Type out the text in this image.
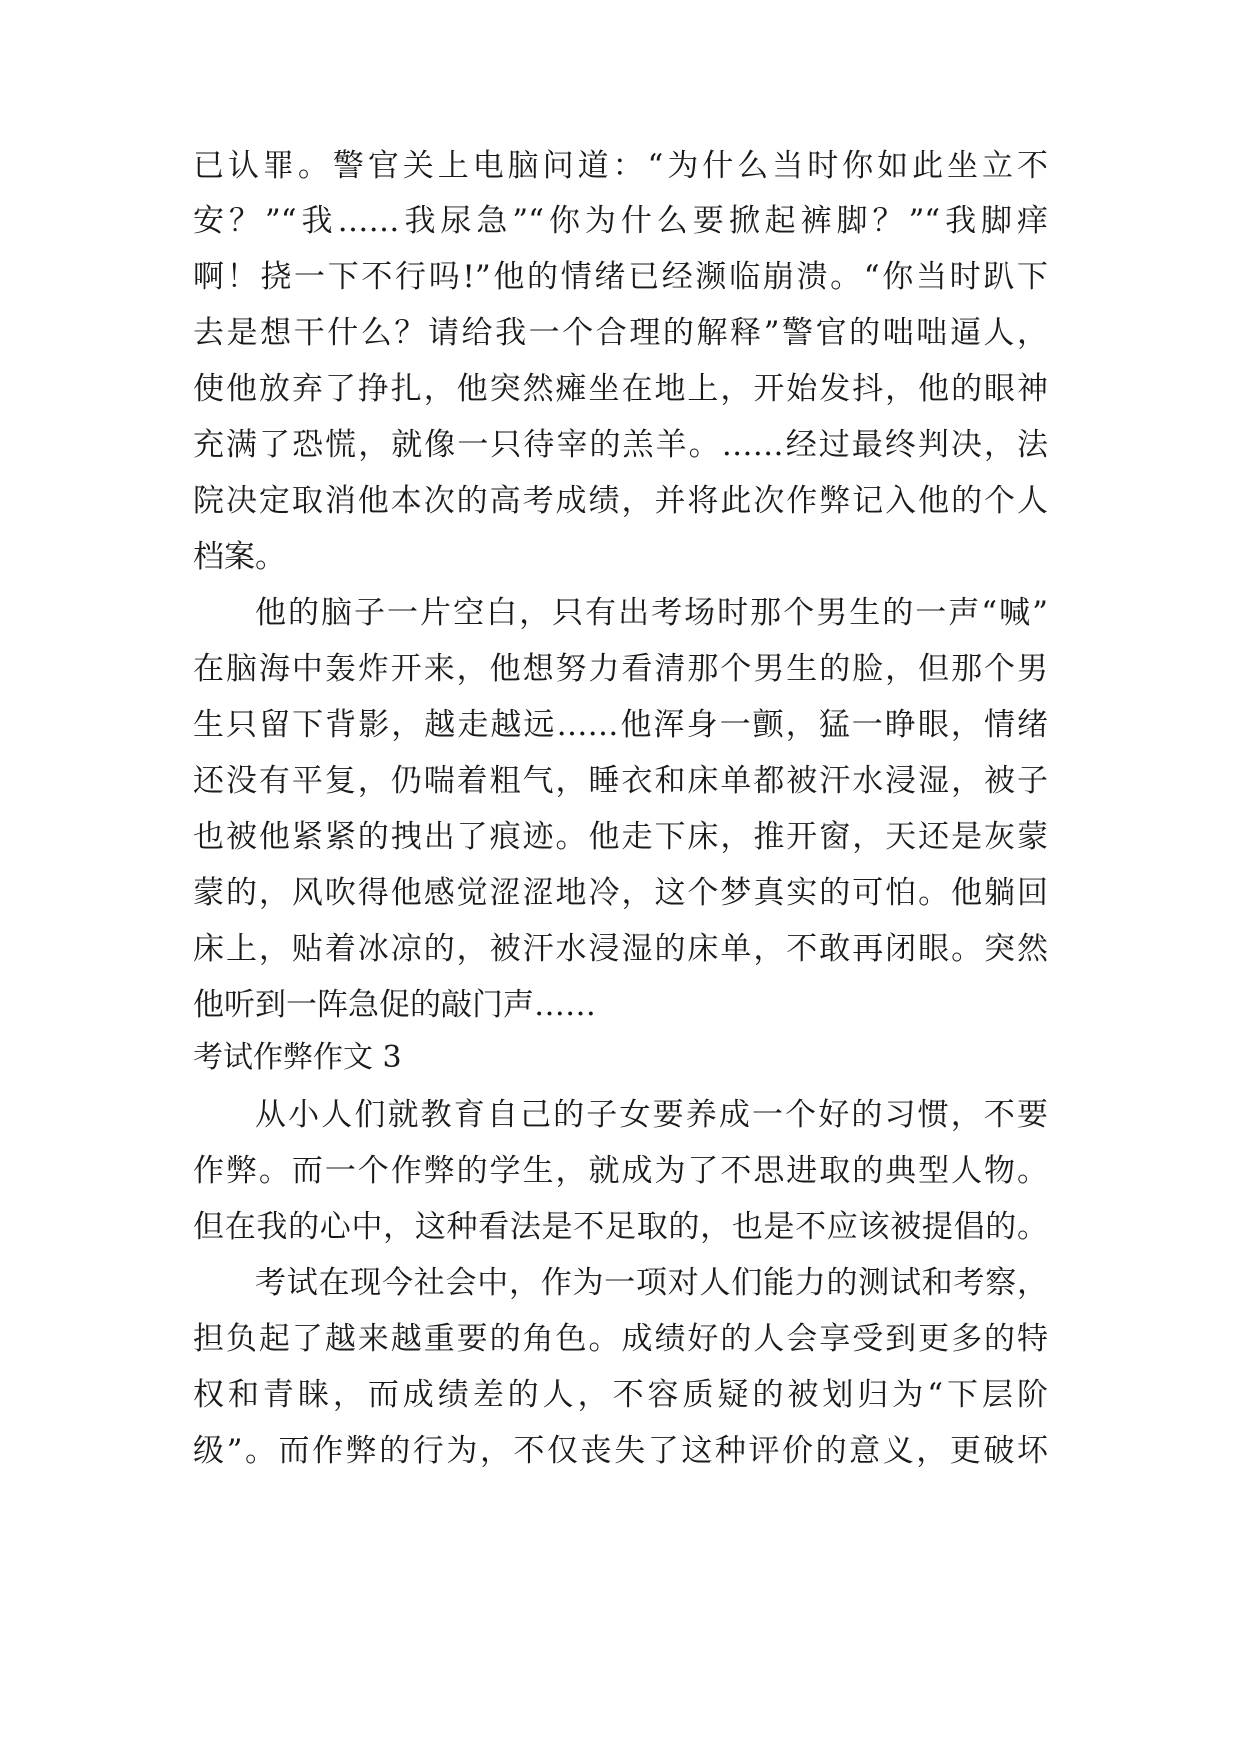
已认罪。警官关上电脑问道：“为什么当时你如此坐立不
安？”“我……我尿急”“你为什么要掀起裤脚？”“我脚痒
啊！挠一下不行吗!”他的情绪已经濒临崩溃。“你当时趴下
去是想干什么？请给我一个合理的解释”警官的咄咄逼人，
使他放弃了挣扎，他突然瘫坐在地上，开始发抖，他的眼神
充满了恐慌，就像一只待宰的羔羊。……经过最终判决，法
院决定取消他本次的高考成绩，并将此次作弊记入他的个人
档案。
他的脑子一片空白，只有出考场时那个男生的一声“喊”
在脑海中轰炸开来，他想努力看清那个男生的脸，但那个男
生只留下背影，越走越远……他浑身一颤，猛一睁眼，情绪
还没有平复，仍喘着粗气，睡衣和床单都被汗水浸湿，被子
也被他紧紧的拽出了痕迹。他走下床，推开窗，天还是灰蒙
蒙的，风吹得他感觉涩涩地冷，这个梦真实的可怕。他躺回
床上，贴着冰凉的，被汗水浸湿的床单，不敢再闭眼。突然
他听到一阵急促的敲门声……
考试作弊作文 3
从小人们就教育自己的子女要养成一个好的习惯，不要
作弊。而一个作弊的学生，就成为了不思进取的典型人物。
但在我的心中，这种看法是不足取的，也是不应该被提倡的。
考试在现今社会中，作为一项对人们能力的测试和考察，
担负起了越来越重要的角色。成绩好的人会享受到更多的特
权和青睐，而成绩差的人，不容质疑的被划归为“下层阶
级”。而作弊的行为，不仅丧失了这种评价的意义，更破坏
